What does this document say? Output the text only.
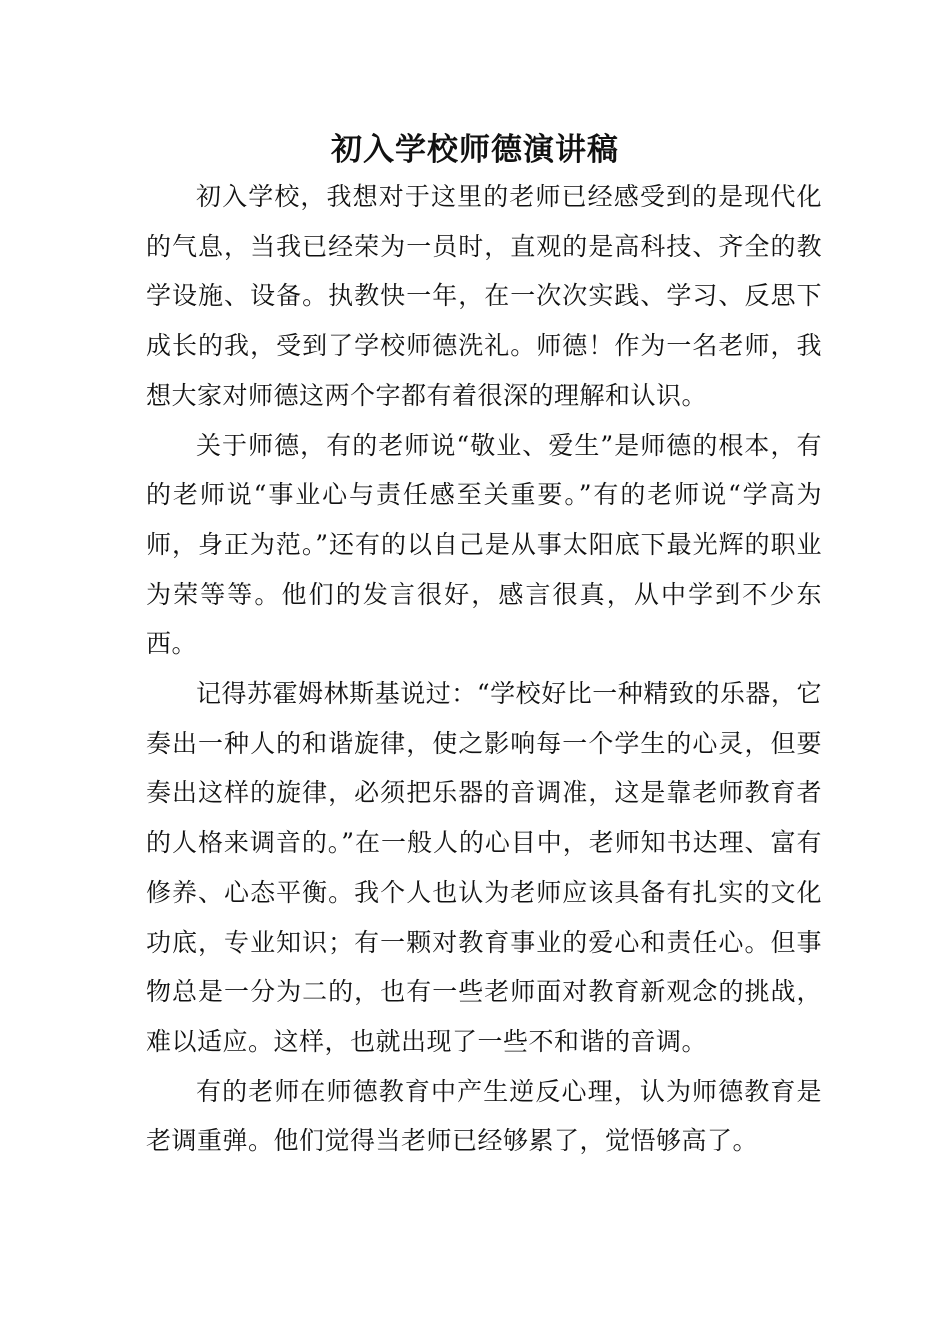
初入学校师德演讲稿

初入学校，我想对于这里的老师已经感受到的是现代化的气息，当我已经荣为一员时，直观的是高科技、齐全的教学设施、设备。执教快一年，在一次次实践、学习、反思下成长的我，受到了学校师德洗礼。师德！作为一名老师，我想大家对师德这两个字都有着很深的理解和认识。

关于师德，有的老师说“敬业、爱生”是师德的根本，有的老师说“事业心与责任感至关重要。”有的老师说“学高为师，身正为范。”还有的以自己是从事太阳底下最光辉的职业为荣等等。他们的发言很好，感言很真，从中学到不少东西。

记得苏霍姆林斯基说过：“学校好比一种精致的乐器，它奏出一种人的和谐旋律，使之影响每一个学生的心灵，但要奏出这样的旋律，必须把乐器的音调准，这是靠老师教育者的人格来调音的。”在一般人的心目中，老师知书达理、富有修养、心态平衡。我个人也认为老师应该具备有扎实的文化功底，专业知识；有一颗对教育事业的爱心和责任心。但事物总是一分为二的，也有一些老师面对教育新观念的挑战，难以适应。这样，也就出现了一些不和谐的音调。

有的老师在师德教育中产生逆反心理，认为师德教育是老调重弹。他们觉得当老师已经够累了，觉悟够高了。
